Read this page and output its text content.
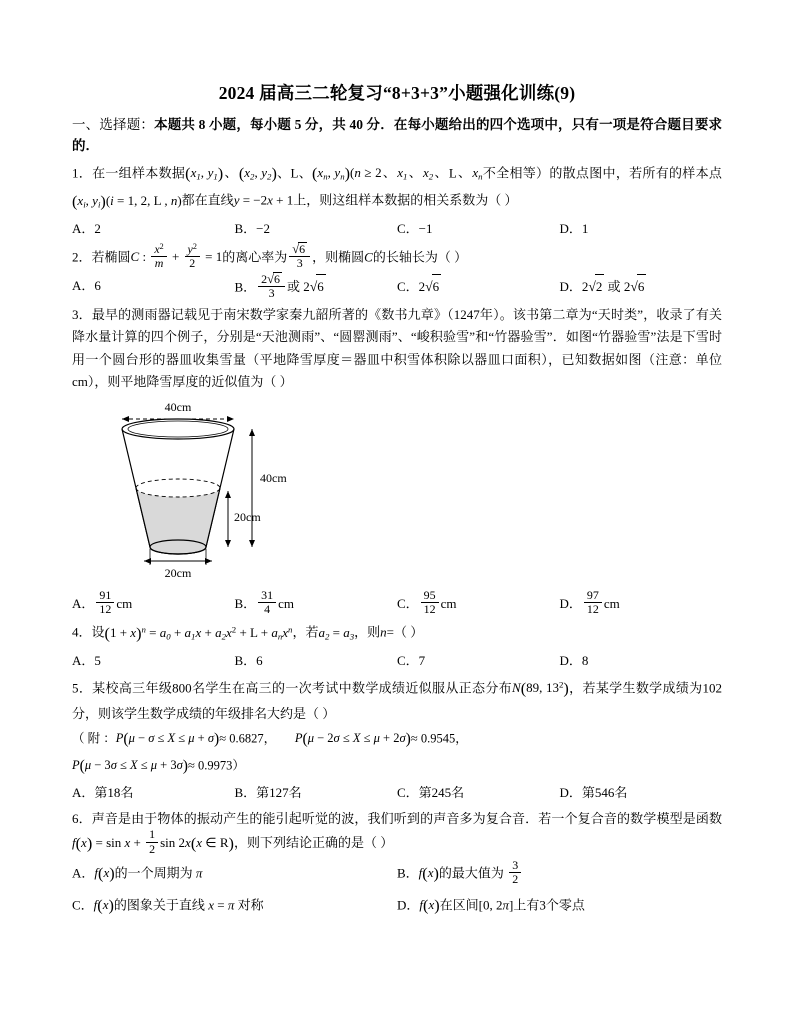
2024 届高三二轮复习“8+3+3”小题强化训练(9)
一、选择题：本题共 8 小题，每小题 5 分，共 40 分．在每小题给出的四个选项中，只有一项是符合题目要求的．
1．在一组样本数据($x_1$, $y_1$)、($x_2$, $y_2$)、L、($x_n$, $y_n)(n \ge 2$、$x_1$、$x_2$、L、$x_n$不全相等）的散点图中，若所有的样本点($x_i$, $y_i)(i = 1$, 2, L , n)都在直线y = −2x + 1上，则这组样本数据的相关系数为（ ）
A．2	B．−2	C．−1	D．1
2．若椭圆C : $\frac{x^2}{m} + \frac{y^2}{2} = 1$的离心率为 $\frac{√6}{3}$ ，则椭圆C的长轴长为（ ）
A．6	B． $\frac{2√6}{3}$ 或 2√6	C．2√6	D．2√2 或 2√6
3．最早的测雨器记载见于南宋数学家秦九韶所著的《数书九章》（1247年）。该书第二章为“天时类”，收录了有关降水量计算的四个例子，分别是“天池测雨”、“圆罂测雨”、“峻积验雪”和“竹器验雪”．如图“竹器验雪”法是下雪时用一个圆台形的器皿收集雪量（平地降雪厚度＝器皿中积雪体积除以器皿口面积），已知数据如图（注意：单位 cm），则平地降雪厚度的近似值为（ ）
40cm
40cm
20cm
20cm
A． $\frac{91}{12}$ cm	B． $\frac{31}{4}$ cm	C． $\frac{95}{12}$ cm	D． $\frac{97}{12}$ cm
4．设$(1 + x)^n = a_0 + a_1x + a_2x^2 + L + a_nx^n$，若$a_2 = a_3$，则n=（ ）
A．5	B．6	C．7	D．8
5．某校高三年级800名学生在高三的一次考试中数学成绩近似服从正态分布N(89, $13^2$)，若某学生数学成绩为102分，则该学生数学成绩的年级排名大约是（ ）
（ 附 ：P(μ − σ ≤ X ≤ μ + σ)≈ 0.6827， P(μ − 2σ ≤ X ≤ μ + 2σ)≈ 0.9545，
P(μ − 3σ ≤ X ≤ μ + 3σ)≈ 0.9973）
A．第18名	B．第127名	C．第245名	D．第546名
6．声音是由于物体的振动产生的能引起听觉的波，我们听到的声音多为复合音．若一个复合音的数学模型是函数$f(x) = \sin x + \frac{1}{2}$ sin 2x(x ∈ R)，则下列结论正确的是（ ）
A．f(x)的一个周期为 π	B．f(x)的最大值为 $\frac{3}{2}$
C．f(x)的图象关于直线 x = π 对称	D．f(x)在区间[0, 2π]上有3个零点
